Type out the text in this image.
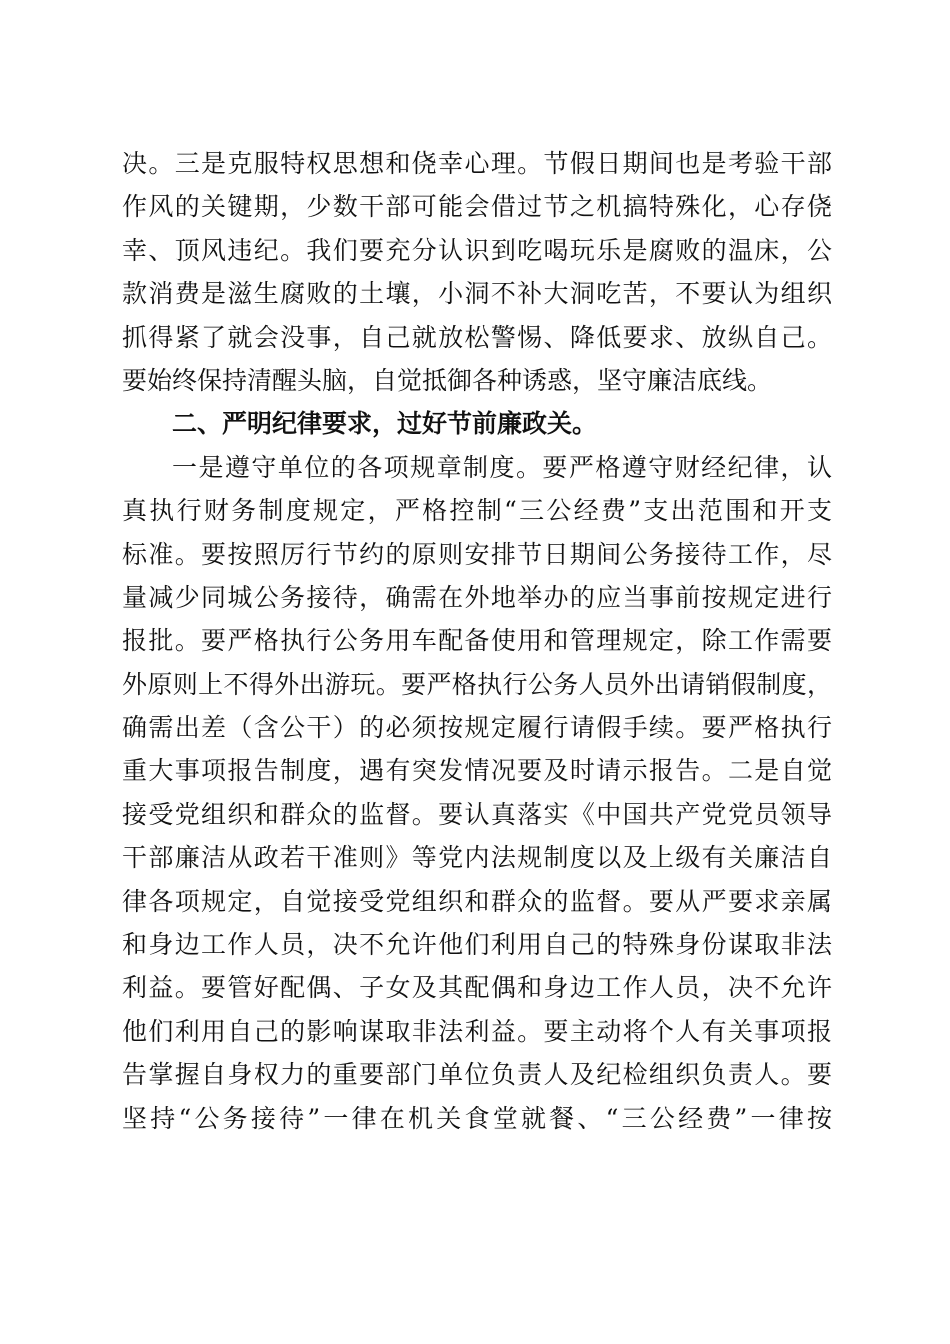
决。三是克服特权思想和侥幸心理。节假日期间也是考验干部
作风的关键期，少数干部可能会借过节之机搞特殊化，心存侥
幸、顶风违纪。我们要充分认识到吃喝玩乐是腐败的温床，公
款消费是滋生腐败的土壤，小洞不补大洞吃苦，不要认为组织
抓得紧了就会没事，自己就放松警惕、降低要求、放纵自己。
要始终保持清醒头脑，自觉抵御各种诱惑，坚守廉洁底线。
二、严明纪律要求，过好节前廉政关。
一是遵守单位的各项规章制度。要严格遵守财经纪律，认
真执行财务制度规定，严格控制“三公经费”支出范围和开支
标准。要按照厉行节约的原则安排节日期间公务接待工作，尽
量减少同城公务接待，确需在外地举办的应当事前按规定进行
报批。要严格执行公务用车配备使用和管理规定，除工作需要
外原则上不得外出游玩。要严格执行公务人员外出请销假制度，
确需出差（含公干）的必须按规定履行请假手续。要严格执行
重大事项报告制度，遇有突发情况要及时请示报告。二是自觉
接受党组织和群众的监督。要认真落实《中国共产党党员领导
干部廉洁从政若干准则》等党内法规制度以及上级有关廉洁自
律各项规定，自觉接受党组织和群众的监督。要从严要求亲属
和身边工作人员，决不允许他们利用自己的特殊身份谋取非法
利益。要管好配偶、子女及其配偶和身边工作人员，决不允许
他们利用自己的影响谋取非法利益。要主动将个人有关事项报
告掌握自身权力的重要部门单位负责人及纪检组织负责人。要
坚持“公务接待”一律在机关食堂就餐、“三公经费”一律按
